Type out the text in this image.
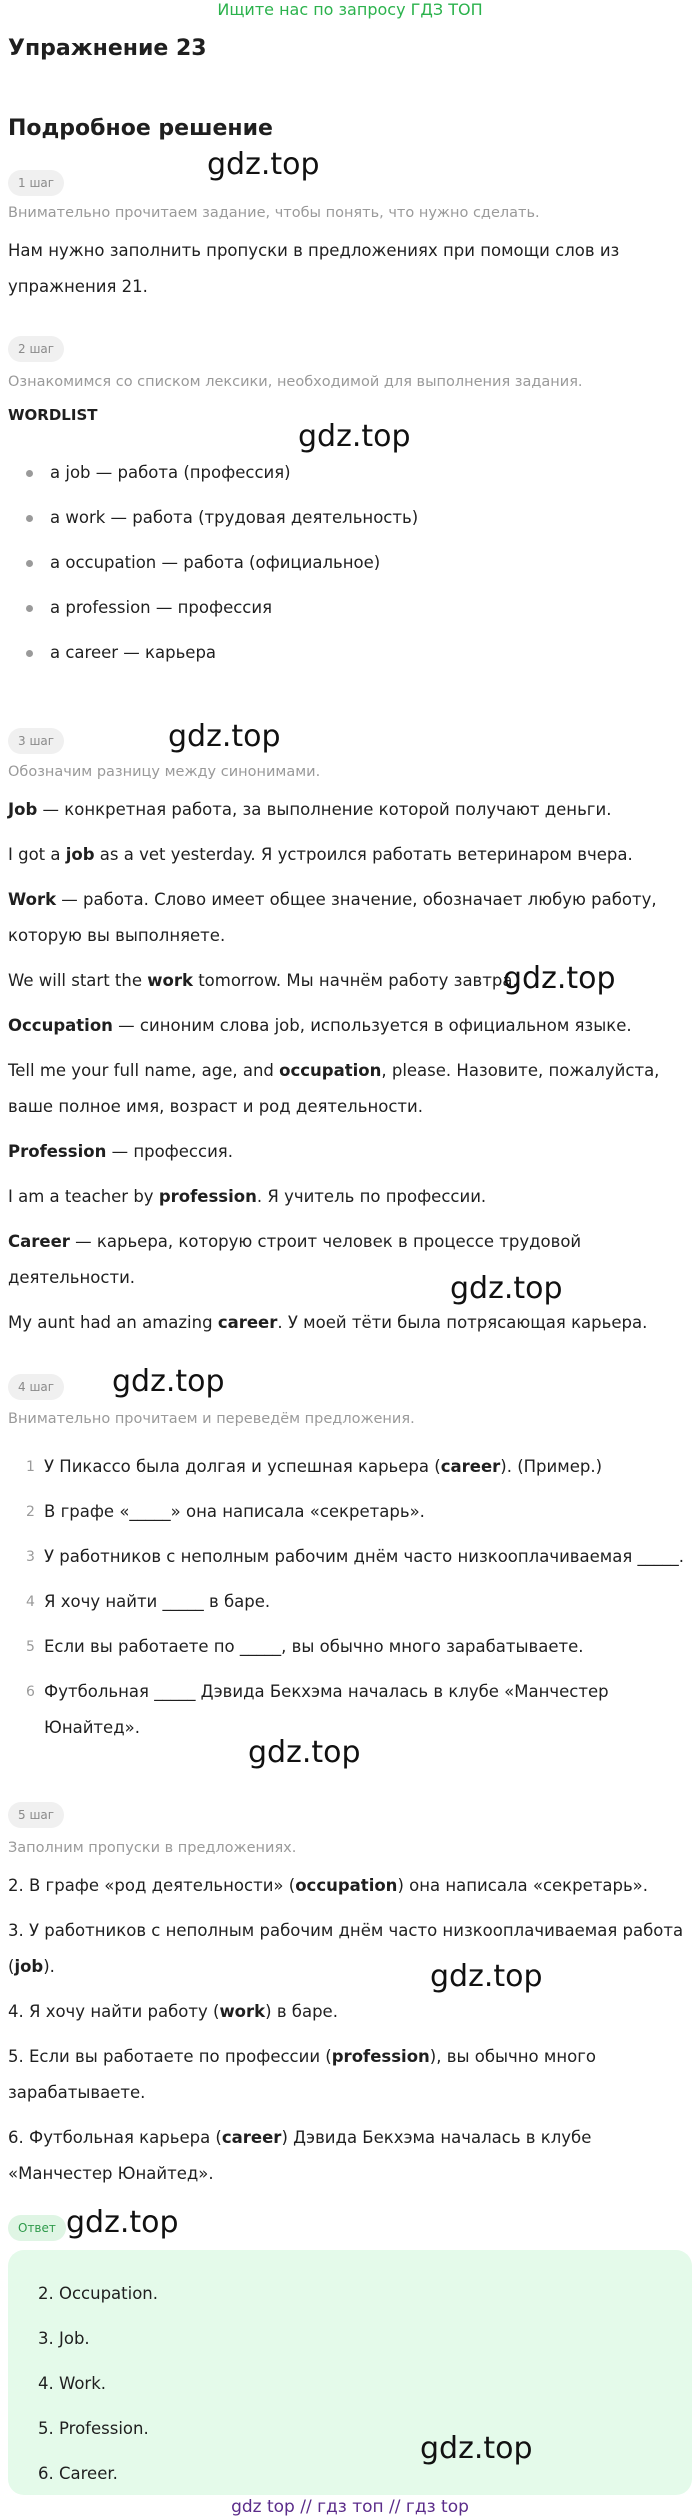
Ищите нас по запросу ГДЗ ТОП
Упражнение 23
Подробное решение
1 шаг
gdz.top
Внимательно прочитаем задание, чтобы понять, что нужно сделать.
Нам нужно заполнить пропуски в предложениях при помощи слов из упражнения 21.
2 шаг
Ознакомимся со списком лексики, необходимой для выполнения задания.
WORDLIST
gdz.top
a job — работа (профессия)
a work — работа (трудовая деятельность)
a occupation — работа (официальное)
a profession — профессия
a career — карьера
3 шаг	gdz.top
Обозначим разницу между синонимами.
Job — конкретная работа, за выполнение которой получают деньги.
I got a job as a vet yesterday. Я устроился работать ветеринаром вчера.
Work — работа. Слово имеет общее значение, обозначает любую работу, которую вы выполняете.
We will start the work tomorrow. Мы начнём работу завтра.
gdz.top
Occupation — синоним слова job, используется в официальном языке.
Tell me your full name, age, and occupation, please. Назовите, пожалуйста, ваше полное имя, возраст и род деятельности.
Profession — профессия.
I am a teacher by profession. Я учитель по профессии.
Career — карьера, которую строит человек в процессе трудовой деятельности.	gdz.top
My aunt had an amazing career. У моей тёти была потрясающая карьера.
4 шаг	gdz.top
Внимательно прочитаем и переведём предложения.
1 У Пикассо была долгая и успешная карьера (career). (Пример.)
2 В графе «_____» она написала «секретарь».
3 У работников с неполным рабочим днём часто низкооплачиваемая _____.
4 Я хочу найти _____ в баре.
5 Если вы работаете по _____, вы обычно много зарабатываете.
6 Футбольная _____ Дэвида Бекхэма началась в клубе «Манчестер Юнайтед».
gdz.top
5 шаг
Заполним пропуски в предложениях.
2. В графе «род деятельности» (occupation) она написала «секретарь».
3. У работников с неполным рабочим днём часто низкооплачиваемая работа (job).	gdz.top
4. Я хочу найти работу (work) в баре.
5. Если вы работаете по профессии (profession), вы обычно много зарабатываете.
6. Футбольная карьера (career) Дэвида Бекхэма началась в клубе «Манчестер Юнайтед».
Ответ gdz.top
2. Occupation.
3. Job.
4. Work.
5. Profession.
6. Career.
gdz.top
gdz top // гдз топ // гдз top
